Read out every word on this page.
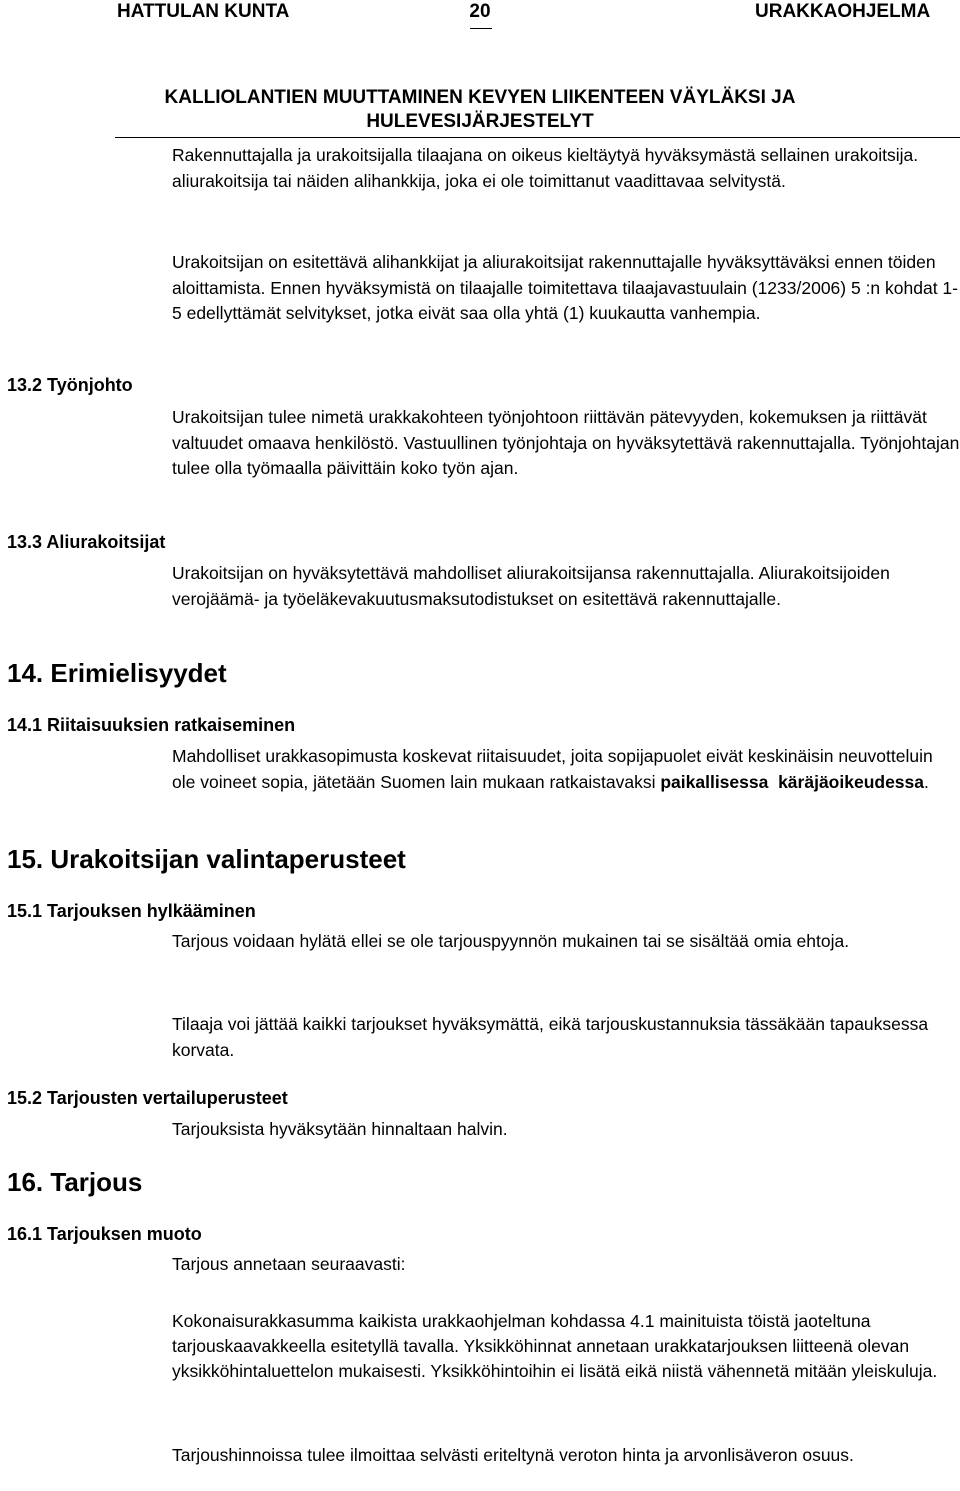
HATTULAN KUNTA	20	URAKKAOHJELMA
KALLIOLANTIEN MUUTTAMINEN KEVYEN LIIKENTEEN VÄYLÄKSI JA
HULEVESIJÄRJESTELYT

Rakennuttajalla ja urakoitsijalla tilaajana on oikeus kieltäytyä hyväksymästä sellainen urakoitsija. aliurakoitsija tai näiden alihankkija, joka ei ole toimittanut vaadittavaa selvitystä.

Urakoitsijan on esitettävä alihankkijat ja aliurakoitsijat rakennuttajalle hyväksyttäväksi ennen töiden aloittamista. Ennen hyväksymistä on tilaajalle toimitettava tilaajavastuulain (1233/2006) 5 :n kohdat 1-5 edellyttämät selvitykset, jotka eivät saa olla yhtä (1) kuukautta vanhempia.

13.2 Työnjohto

Urakoitsijan tulee nimetä urakkakohteen työnjohtoon riittävän pätevyyden, kokemuksen ja riittävät valtuudet omaava henkilöstö. Vastuullinen työnjohtaja on hyväksytettävä rakennuttajalla. Työnjohtajan tulee olla työmaalla päivittäin koko työn ajan.

13.3 Aliurakoitsijat

Urakoitsijan on hyväksytettävä mahdolliset aliurakoitsijansa rakennuttajalla. Aliurakoitsijoiden verojäämä- ja työeläkevakuutusmaksutodistukset on esitettävä rakennuttajalle.

14. Erimielisyydet
14.1 Riitaisuuksien ratkaiseminen

Mahdolliset urakkasopimusta koskevat riitaisuudet, joita sopijapuolet eivät keskinäisin neuvotteluin ole voineet sopia, jätetään Suomen lain mukaan ratkaistavaksi paikallisessa käräjäoikeudessa.

15. Urakoitsijan valintaperusteet
15.1 Tarjouksen hylkääminen

Tarjous voidaan hylätä ellei se ole tarjouspyynnön mukainen tai se sisältää omia ehtoja.

Tilaaja voi jättää kaikki tarjoukset hyväksymättä, eikä tarjouskustannuksia tässäkään tapauksessa korvata.

15.2 Tarjousten vertailuperusteet

Tarjouksista hyväksytään hinnaltaan halvin.

16. Tarjous
16.1 Tarjouksen muoto

Tarjous annetaan seuraavasti:

Kokonaisurakkasumma kaikista urakkaohjelman kohdassa 4.1 mainituista töistä jaoteltuna tarjouskaavakkeella esitetyllä tavalla. Yksikköhinnat annetaan urakkatarjouksen liitteenä olevan yksikköhintaluettelon mukaisesti. Yksikköhintoihin ei lisätä eikä niistä vähennetä mitään yleiskuluja.

Tarjoushinnoissa tulee ilmoittaa selvästi eriteltynä veroton hinta ja arvonlisäveron osuus.
